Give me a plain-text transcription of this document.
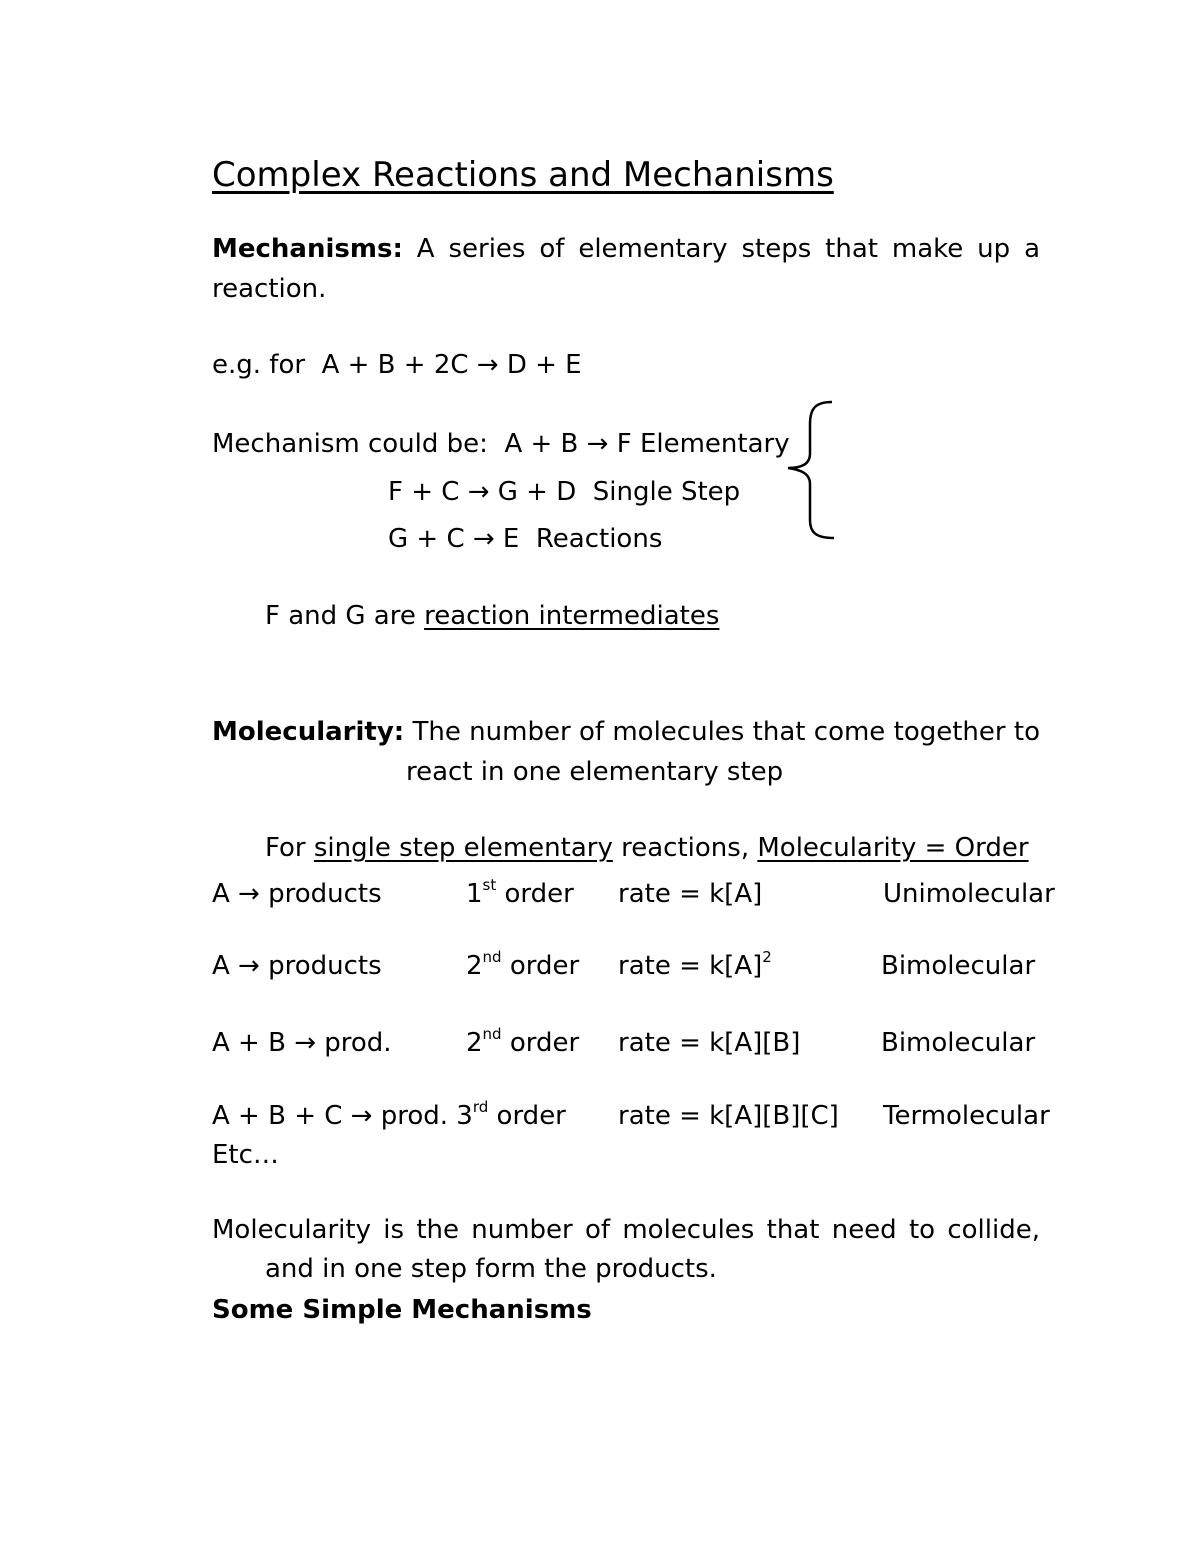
Complex Reactions and Mechanisms
Mechanisms: A series of elementary steps that make up a
reaction.
e.g. for A + B + 2C → D + E
Mechanism could be: A + B → F Elementary
F + C → G + D Single Step
G + C → E Reactions
F and G are reaction intermediates
Molecularity: The number of molecules that come together to
react in one elementary step
For single step elementary reactions, Molecularity = Order
A → products	1st order rate = k[A]	Unimolecular
A → products	2nd order rate = $k[A]^2$	Bimolecular
A + B → prod.	2nd order rate = k[A][B]	Bimolecular
A + B + C → prod. 3rd order rate = k[A][B][C] Termolecular
Etc…
Molecularity is the number of molecules that need to collide,
and in one step form the products.
Some Simple Mechanisms
